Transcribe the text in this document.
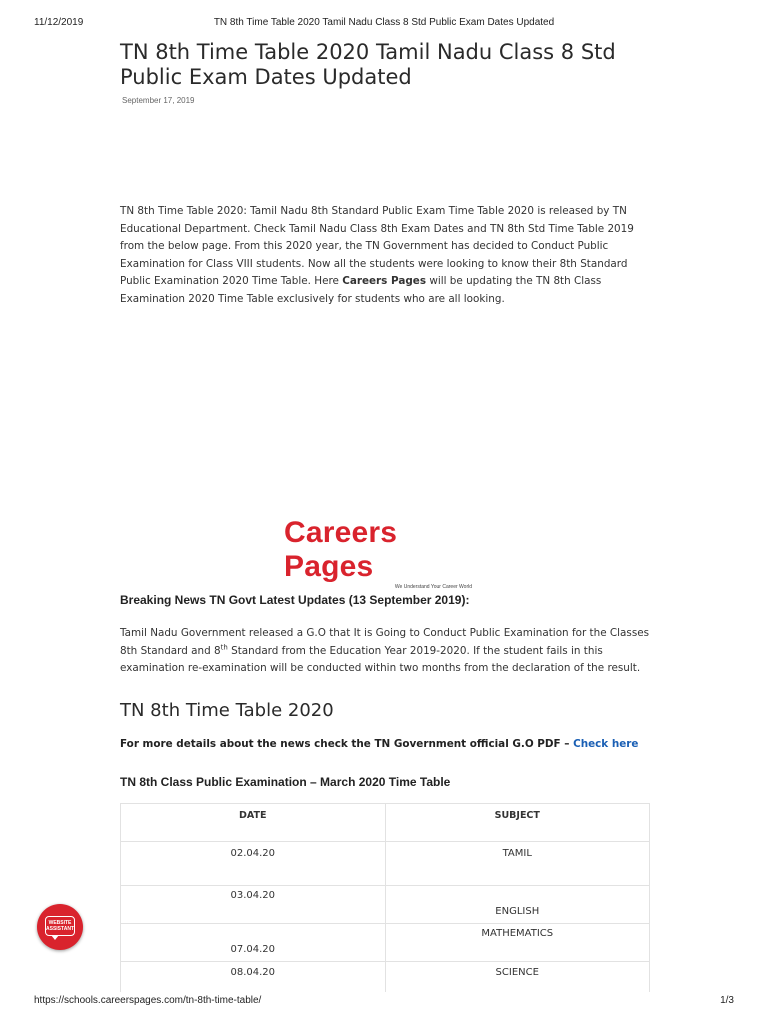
11/12/2019	TN 8th Time Table 2020 Tamil Nadu Class 8 Std Public Exam Dates Updated
TN 8th Time Table 2020 Tamil Nadu Class 8 Std Public Exam Dates Updated
September 17, 2019

TN 8th Time Table 2020: Tamil Nadu 8th Standard Public Exam Time Table 2020 is released by TN Educational Department. Check Tamil Nadu Class 8th Exam Dates and TN 8th Std Time Table 2019 from the below page. From this 2020 year, the TN Government has decided to Conduct Public Examination for Class VIII students. Now all the students were looking to know their 8th Standard Public Examination 2020 Time Table. Here Careers Pages will be updating the TN 8th Class Examination 2020 Time Table exclusively for students who are all looking.

Careers Pages
We Understand Your Career World
Breaking News TN Govt Latest Updates (13 September 2019):

Tamil Nadu Government released a G.O that It is Going to Conduct Public Examination for the Classes 8th Standard and 8th Standard from the Education Year 2019-2020. If the student fails in this examination re-examination will be conducted within two months from the declaration of the result.

TN 8th Time Table 2020

For more details about the news check the TN Government official G.O PDF – Check here

TN 8th Class Public Examination – March 2020 Time Table
DATE	SUBJECT
02.04.20	TAMIL
03.04.20	ENGLISH
07.04.20	MATHEMATICS
08.04.20	SCIENCE
WEBSITE
ASSISTANT
https://schools.careerspages.com/tn-8th-time-table/	1/3
